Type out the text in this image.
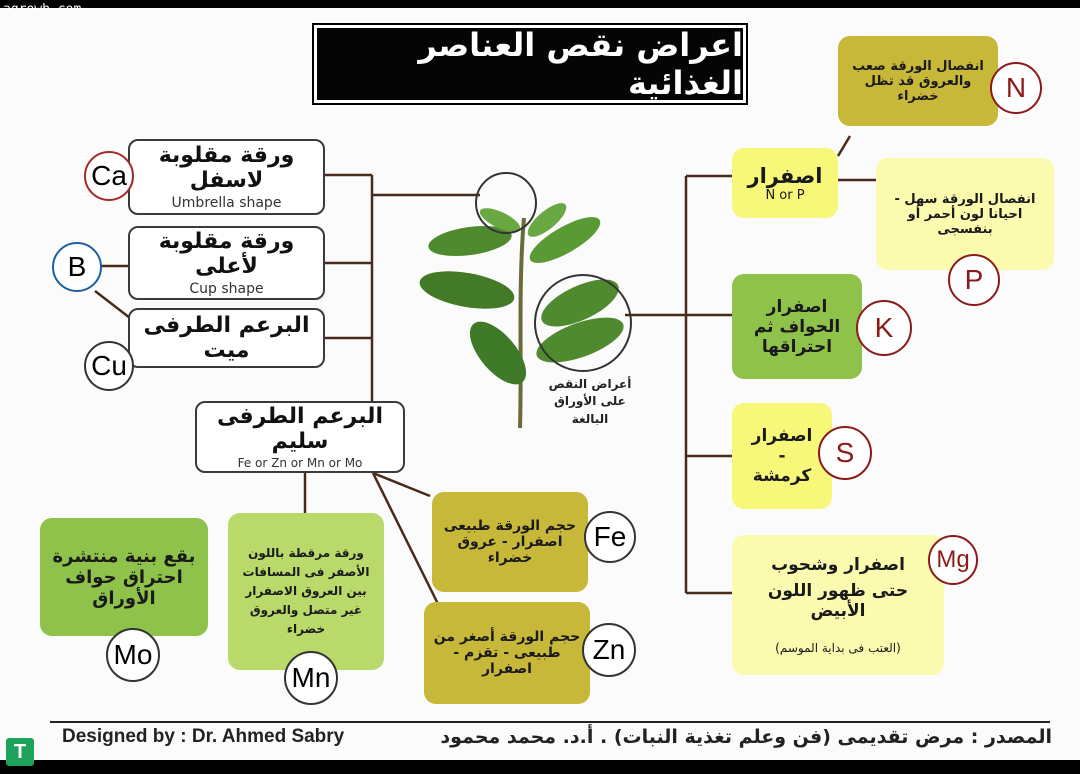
agrowb.com
اعراض نقص العناصر الغذائية
ورقة مقلوبة لاسفل
Umbrella shape
ورقة مقلوبة لأعلى
Cup shape
البرعم الطرفى ميت
Ca
B
Cu
البرعم الطرفى سليم
Fe or Zn or Mn or Mo
أعراض النقص على الأوراق البالغة
اصفرار
N or P
انفصال الورقة صعب والعروق قد تظل خضراء	N
انفصال الورقة سهل - احيانا لون أحمر أو بنفسجى
P
اصفرار الحواف ثم احتراقها
K
اصفرار
-
كرمشة
S
اصفرار وشحوب
حتى ظهور اللون الأبيض
(العتب فى بداية الموسم)
Mg
حجم الورقة طبيعى اصفرار - عروق خضراء
Fe
حجم الورقة أصغر من طبيعى - تقزم - اصفرار
Zn
ورقة مرقطة باللون الأصفر فى المسافات بين العروق الاصفرار غير متصل والعروق خضراء
Mn
بقع بنية منتشرة احتراق حواف الأوراق
Mo
Designed by : Dr. Ahmed Sabry	المصدر : مرض تقديمى (فن وعلم تغذية النبات) . أ.د. محمد محمود
T
